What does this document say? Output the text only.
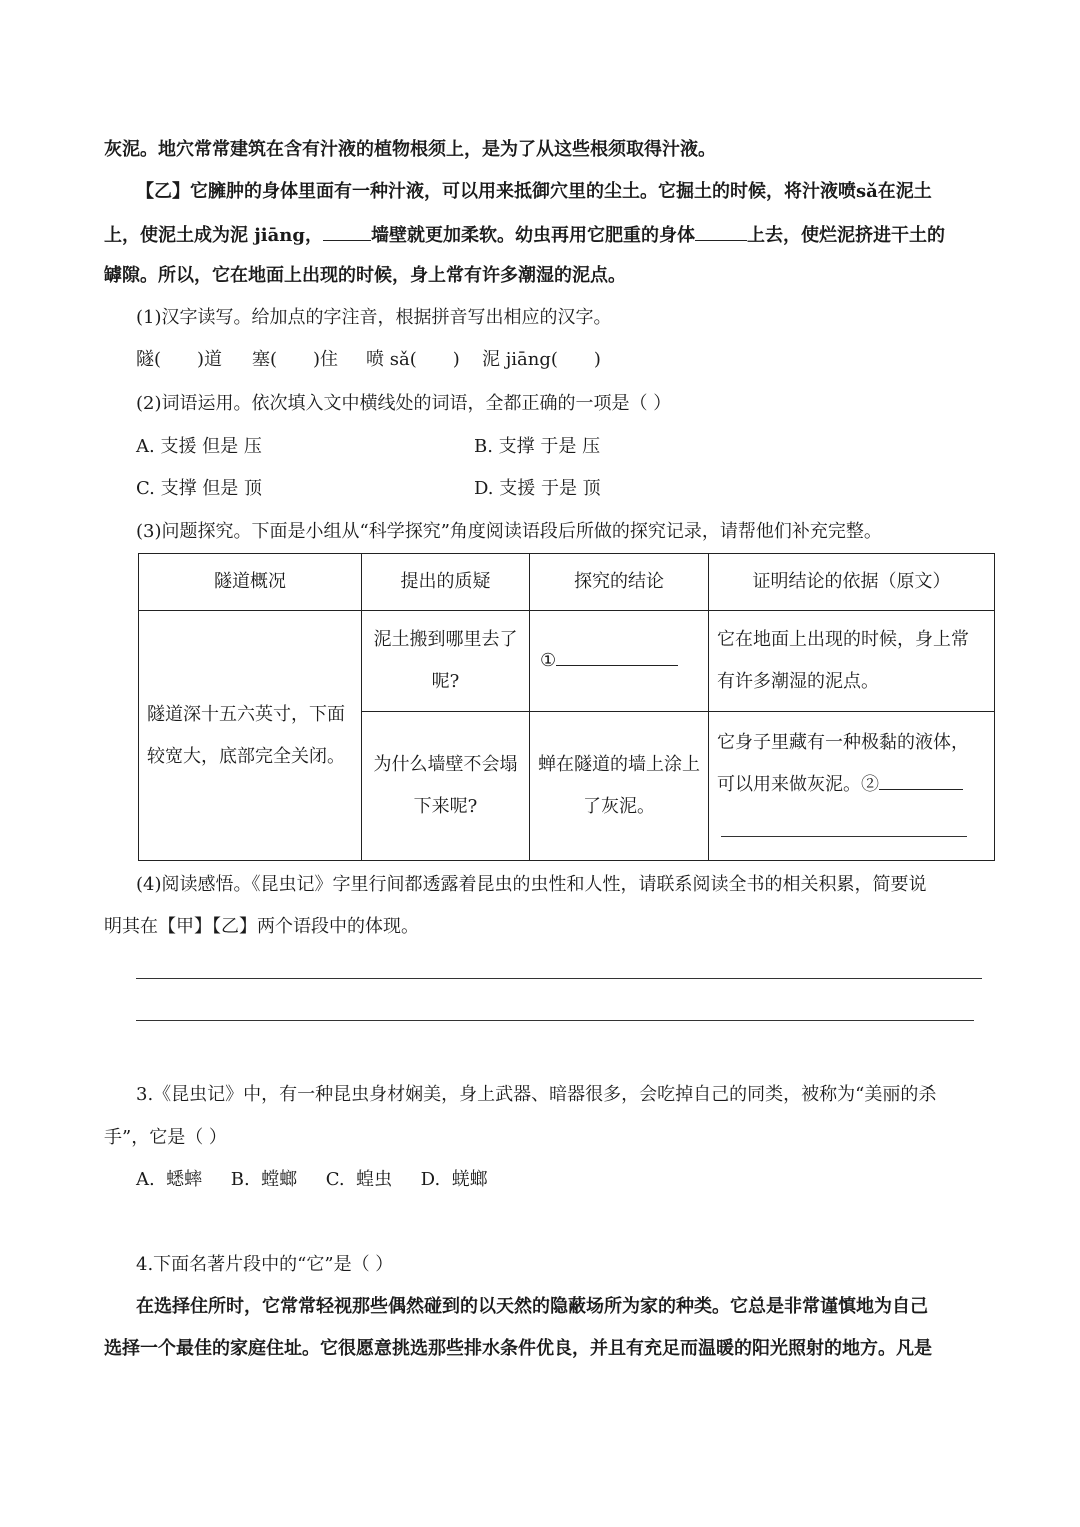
灰泥。地穴常常建筑在含有汁液的植物根须上，是为了从这些根须取得汁液。
【乙】它臃肿的身体里面有一种汁液，可以用来抵御穴里的尘土。它掘土的时候，将汁液喷sǎ在泥土
上，使泥土成为泥 jiāng，	墙壁就更加柔软。幼虫再用它肥重的身体	上去，使烂泥挤进干土的
罅隙。所以，它在地面上出现的时候，身上常有许多潮湿的泥点。
(1)汉字读写。给加点的字注音，根据拼音写出相应的汉字。
隧(　　)道 塞(　　)住 喷 sǎ(　　) 泥 jiāng(　　)
(2)词语运用。依次填入文中横线处的词语，全都正确的一项是（ ）
A. 支援 但是 压	B. 支撑 于是 压
C. 支撑 但是 顶	D. 支援 于是 顶
(3)问题探究。下面是小组从“科学探究”角度阅读语段后所做的探究记录，请帮他们补充完整。
隧道概况	提出的质疑	探究的结论	证明结论的依据（原文）
隧道深十五六英寸，下面较宽大，底部完全关闭。	泥土搬到哪里去了呢?	①	它在地面上出现的时候，身上常有许多潮湿的泥点。
	为什么墙壁不会塌下来呢?	蝉在隧道的墙上涂上了灰泥。	它身子里藏有一种极黏的液体，可以用来做灰泥。②
(4)阅读感悟。《昆虫记》字里行间都透露着昆虫的虫性和人性，请联系阅读全书的相关积累，简要说
明其在【甲】【乙】两个语段中的体现。
3.《昆虫记》中，有一种昆虫身材娴美，身上武器、暗器很多，会吃掉自己的同类，被称为“美丽的杀
手”，它是（ ）
A.  蟋蟀     B.  螳螂     C.  蝗虫     D.  蜣螂
4.下面名著片段中的“它”是（ ）
在选择住所时，它常常轻视那些偶然碰到的以天然的隐蔽场所为家的种类。它总是非常谨慎地为自己
选择一个最佳的家庭住址。它很愿意挑选那些排水条件优良，并且有充足而温暖的阳光照射的地方。凡是
